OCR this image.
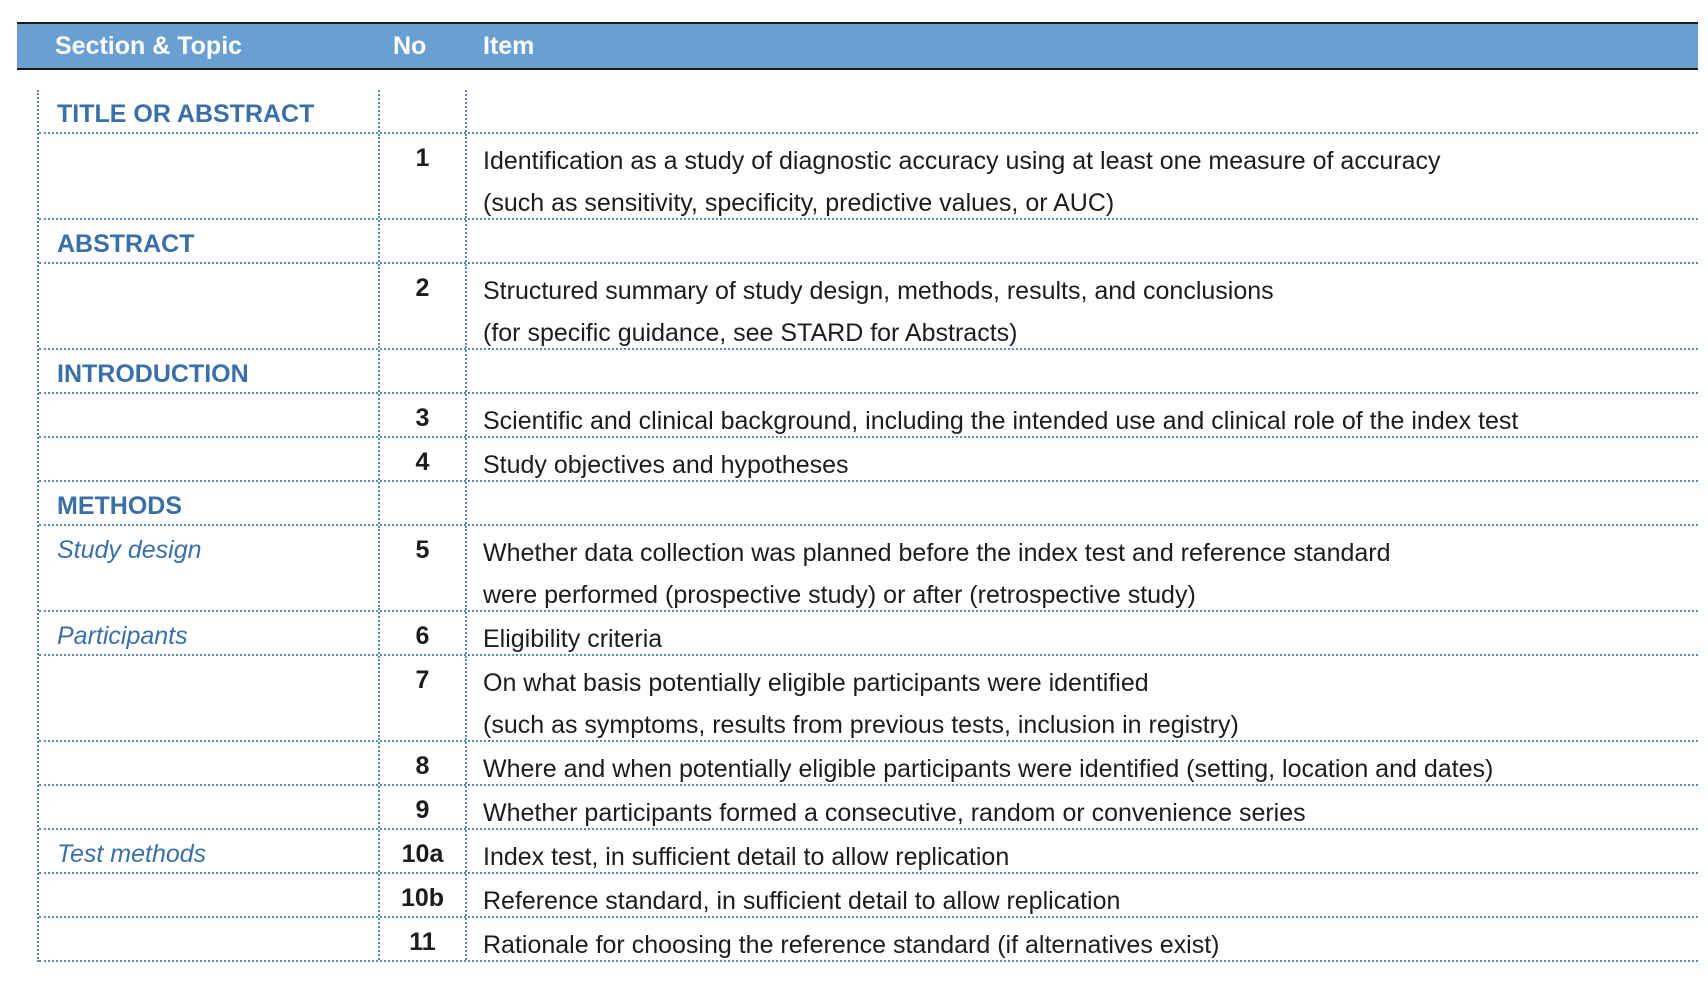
Section & Topic	No Item
TITLE OR ABSTRACT
1	Identification as a study of diagnostic accuracy using at least one measure of accuracy
(such as sensitivity, specificity, predictive values, or AUC)
ABSTRACT
2	Structured summary of study design, methods, results, and conclusions
(for specific guidance, see STARD for Abstracts)
INTRODUCTION
3	Scientific and clinical background, including the intended use and clinical role of the index test
4	Study objectives and hypotheses
METHODS
Study design	5	Whether data collection was planned before the index test and reference standard
were performed (prospective study) or after (retrospective study)
Participants	6	Eligibility criteria
7	On what basis potentially eligible participants were identified
(such as symptoms, results from previous tests, inclusion in registry)
8	Where and when potentially eligible participants were identified (setting, location and dates)
9	Whether participants formed a consecutive, random or convenience series
Test methods	10a	Index test, in sufficient detail to allow replication
10b	Reference standard, in sufficient detail to allow replication
11	Rationale for choosing the reference standard (if alternatives exist)
